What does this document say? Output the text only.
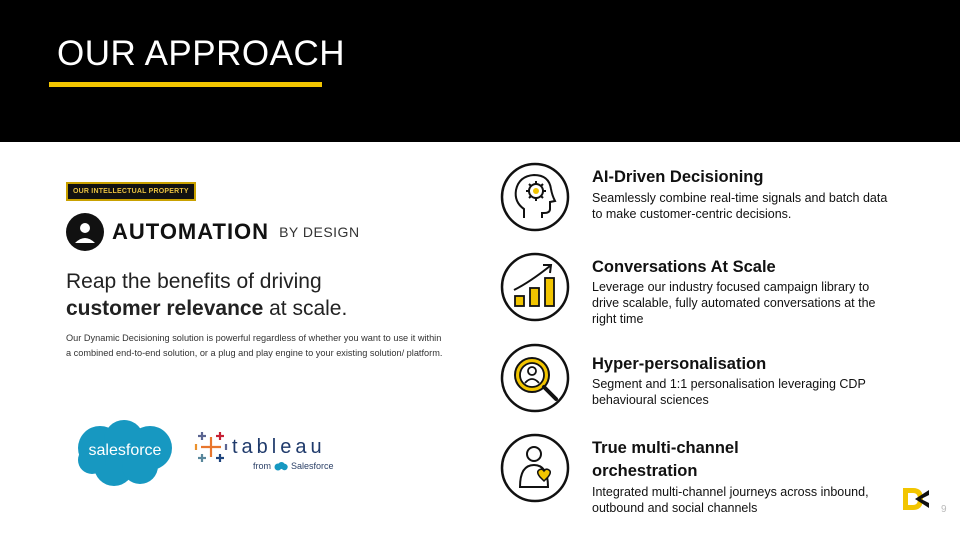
OUR APPROACH
OUR INTELLECTUAL PROPERTY
AUTOMATION BY DESIGN
Reap the benefits of driving
customer relevance at scale.
Our Dynamic Decisioning solution is powerful regardless of whether you want to use it within a combined end-to-end solution, or a plug and play engine to your existing solution/ platform.
salesforce	tableau
from Salesforce
AI-Driven Decisioning
Seamlessly combine real-time signals and batch data to make customer-centric decisions.
Conversations At Scale
Leverage our industry focused campaign library to drive scalable, fully automated conversations at the right time
Hyper-personalisation
Segment and 1:1 personalisation leveraging CDP behavioural sciences
True multi-channel orchestration
Integrated multi-channel journeys across inbound, outbound and social channels	9
